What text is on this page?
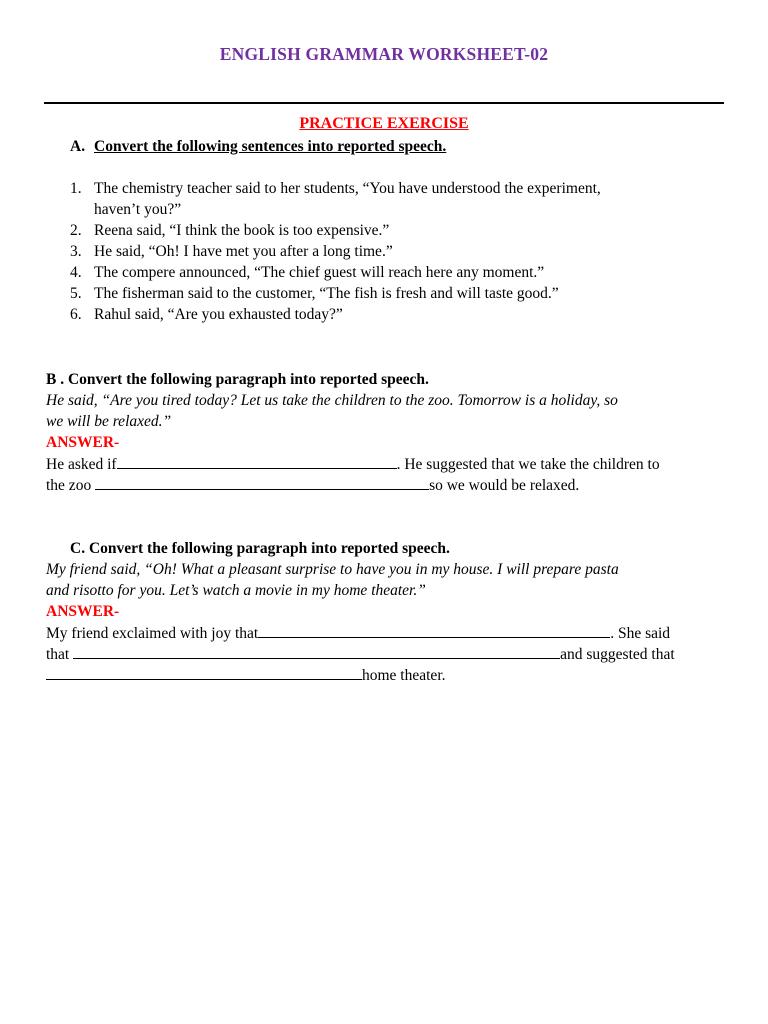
ENGLISH GRAMMAR WORKSHEET-02
PRACTICE EXERCISE
A. Convert the following sentences into reported speech.
1. The chemistry teacher said to her students, “You have understood the experiment,
haven’t you?”
2. Reena said, “I think the book is too expensive.”
3. He said, “Oh! I have met you after a long time.”
4. The compere announced, “The chief guest will reach here any moment.”
5. The fisherman said to the customer, “The fish is fresh and will taste good.”
6. Rahul said, “Are you exhausted today?”
B . Convert the following paragraph into reported speech.
He said, “Are you tired today? Let us take the children to the zoo. Tomorrow is a holiday, so
we will be relaxed.”
ANSWER-
He asked if	. He suggested that we take the children to
the zoo	so we would be relaxed.
C. Convert the following paragraph into reported speech.
My friend said, “Oh! What a pleasant surprise to have you in my house. I will prepare pasta
and risotto for you. Let’s watch a movie in my home theater.”
ANSWER-
My friend exclaimed with joy that	. She said
that	and suggested that
home theater.
